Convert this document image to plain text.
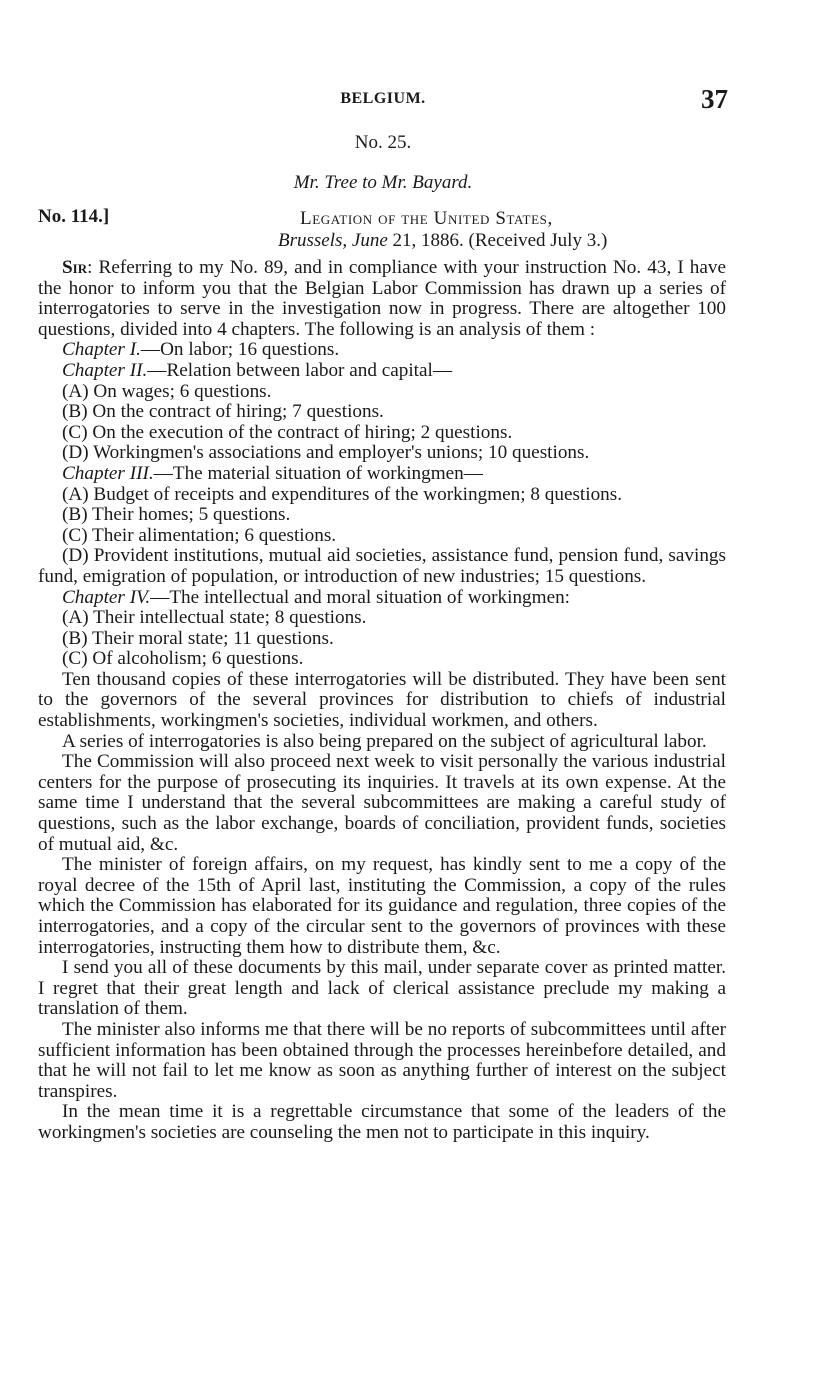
BELGIUM.	37
No. 25.
Mr. Tree to Mr. Bayard.
No. 114.]	Legation of the United States,
Brussels, June 21, 1886. (Received July 3.)

Sir: Referring to my No. 89, and in compliance with your instruction No. 43, I have the honor to inform you that the Belgian Labor Commission has drawn up a series of interrogatories to serve in the investigation now in progress. There are altogether 100 questions, divided into 4 chapters. The following is an analysis of them :

Chapter I.—On labor; 16 questions.

Chapter II.—Relation between labor and capital—

(A) On wages; 6 questions.

(B) On the contract of hiring; 7 questions.

(C) On the execution of the contract of hiring; 2 questions.

(D) Workingmen's associations and employer's unions; 10 questions.

Chapter III.—The material situation of workingmen—

(A) Budget of receipts and expenditures of the workingmen; 8 questions.

(B) Their homes; 5 questions.

(C) Their alimentation; 6 questions.

(D) Provident institutions, mutual aid societies, assistance fund, pension fund, savings fund, emigration of population, or introduction of new industries; 15 questions.

Chapter IV.—The intellectual and moral situation of workingmen:

(A) Their intellectual state; 8 questions.

(B) Their moral state; 11 questions.

(C) Of alcoholism; 6 questions.

Ten thousand copies of these interrogatories will be distributed. They have been sent to the governors of the several provinces for distribution to chiefs of industrial establishments, workingmen's societies, individual workmen, and others.

A series of interrogatories is also being prepared on the subject of agricultural labor.

The Commission will also proceed next week to visit personally the various industrial centers for the purpose of prosecuting its inquiries. It travels at its own expense. At the same time I understand that the several subcommittees are making a careful study of questions, such as the labor exchange, boards of conciliation, provident funds, societies of mutual aid, &c.

The minister of foreign affairs, on my request, has kindly sent to me a copy of the royal decree of the 15th of April last, instituting the Commission, a copy of the rules which the Commission has elaborated for its guidance and regulation, three copies of the interrogatories, and a copy of the circular sent to the governors of provinces with these interrogatories, instructing them how to distribute them, &c.

I send you all of these documents by this mail, under separate cover as printed matter. I regret that their great length and lack of clerical assistance preclude my making a translation of them.

The minister also informs me that there will be no reports of subcommittees until after sufficient information has been obtained through the processes hereinbefore detailed, and that he will not fail to let me know as soon as anything further of interest on the subject transpires.

In the mean time it is a regrettable circumstance that some of the leaders of the workingmen's societies are counseling the men not to participate in this inquiry.
